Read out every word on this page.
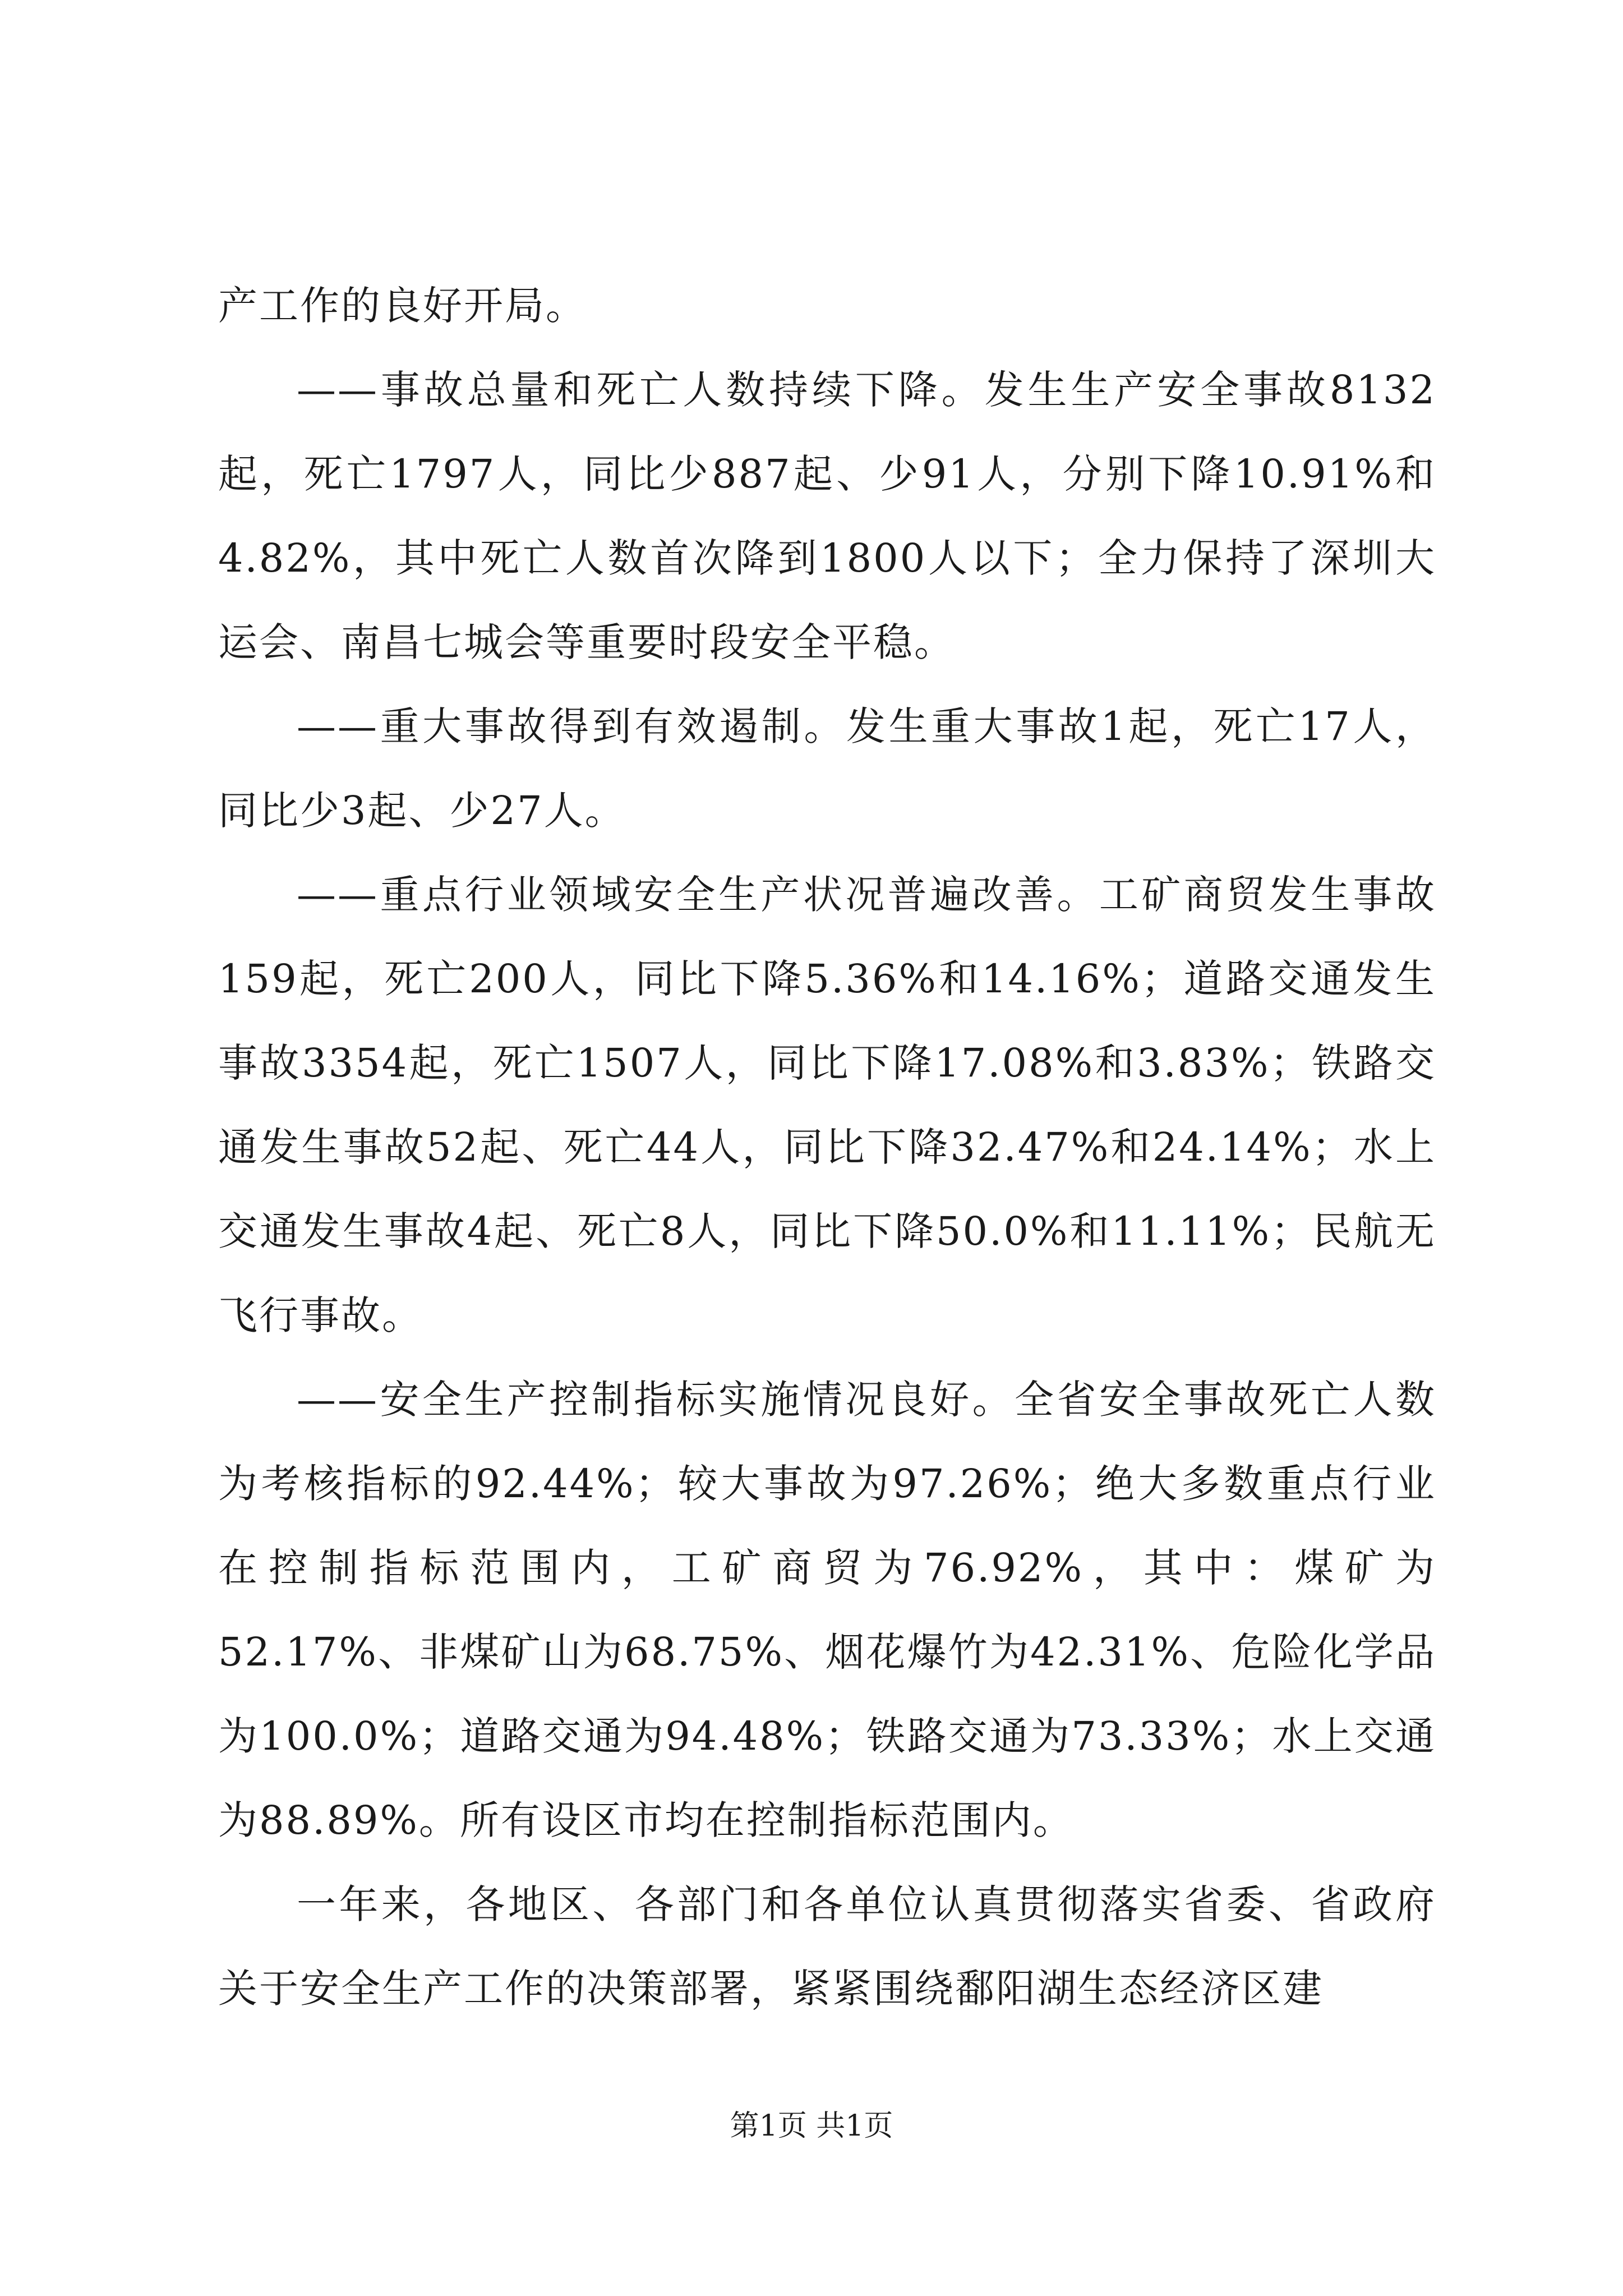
产工作的良好开局。

——事故总量和死亡人数持续下降。发生生产安全事故8132起，死亡1797人，同比少887起、少91人，分别下降10.91%和4.82%，其中死亡人数首次降到1800人以下；全力保持了深圳大运会、南昌七城会等重要时段安全平稳。

——重大事故得到有效遏制。发生重大事故1起，死亡17人，同比少3起、少27人。

——重点行业领域安全生产状况普遍改善。工矿商贸发生事故159起，死亡200人，同比下降5.36%和14.16%；道路交通发生事故3354起，死亡1507人，同比下降17.08%和3.83%；铁路交通发生事故52起、死亡44人，同比下降32.47%和24.14%；水上交通发生事故4起、死亡8人，同比下降50.0%和11.11%；民航无飞行事故。

——安全生产控制指标实施情况良好。全省安全事故死亡人数为考核指标的92.44%；较大事故为97.26%；绝大多数重点行业在控制指标范围内，工矿商贸为76.92%，其中：煤矿为52.17%、非煤矿山为68.75%、烟花爆竹为42.31%、危险化学品为100.0%；道路交通为94.48%；铁路交通为73.33%；水上交通为88.89%。所有设区市均在控制指标范围内。

一年来，各地区、各部门和各单位认真贯彻落实省委、省政府关于安全生产工作的决策部署，紧紧围绕鄱阳湖生态经济区建

第1页 共1页
